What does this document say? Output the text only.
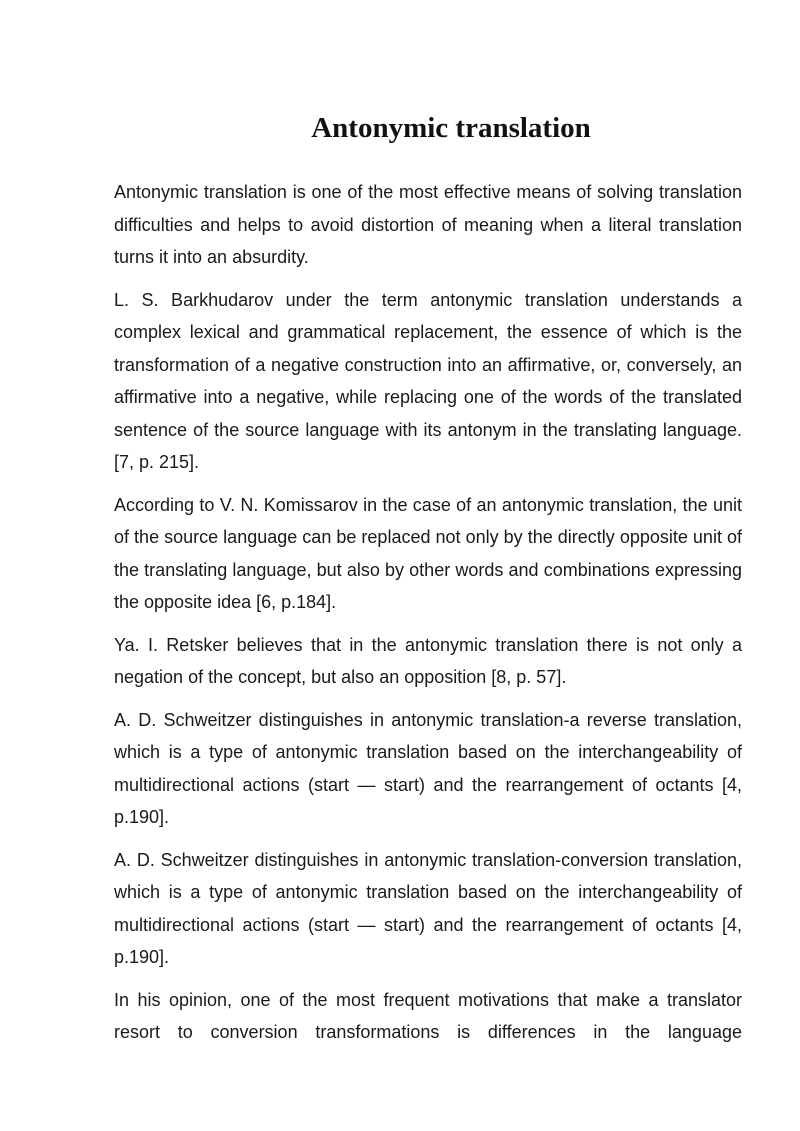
Antonymic translation

Antonymic translation is one of the most effective means of solving translation difficulties and helps to avoid distortion of meaning when a literal translation turns it into an absurdity.

L. S. Barkhudarov under the term antonymic translation understands a complex lexical and grammatical replacement, the essence of which is the transformation of a negative construction into an affirmative, or, conversely, an affirmative into a negative, while replacing one of the words of the translated sentence of the source language with its antonym in the translating language. [7, p. 215].

According to V. N. Komissarov in the case of an antonymic translation, the unit of the source language can be replaced not only by the directly opposite unit of the translating language, but also by other words and combinations expressing the opposite idea [6, p.184].

Ya. I. Retsker believes that in the antonymic translation there is not only a negation of the concept, but also an opposition [8, p. 57].

A. D. Schweitzer distinguishes in antonymic translation-a reverse translation, which is a type of antonymic translation based on the interchangeability of multidirectional actions (start — start) and the rearrangement of octants [4, p.190].

A. D. Schweitzer distinguishes in antonymic translation-conversion translation, which is a type of antonymic translation based on the interchangeability of multidirectional actions (start — start) and the rearrangement of octants [4, p.190].

In his opinion, one of the most frequent motivations that make a translator resort to conversion transformations is differences in the language
